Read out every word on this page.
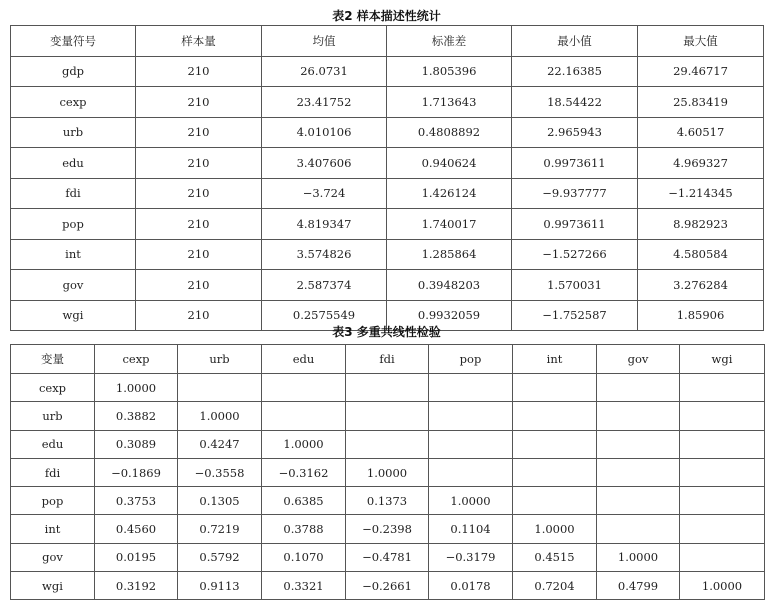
表2 样本描述性统计
变量符号	样本量	均值	标准差	最小值	最大值
gdp	210	26.0731	1.805396	22.16385	29.46717
cexp	210	23.41752	1.713643	18.54422	25.83419
urb	210	4.010106	0.4808892	2.965943	4.60517
edu	210	3.407606	0.940624	0.9973611	4.969327
fdi	210	−3.724	1.426124	−9.937777	−1.214345
pop	210	4.819347	1.740017	0.9973611	8.982923
int	210	3.574826	1.285864	−1.527266	4.580584
gov	210	2.587374	0.3948203	1.570031	3.276284
wgi	210	0.2575549	0.9932059	−1.752587	1.85906
表3 多重共线性检验
变量	cexp	urb	edu	fdi	pop	int	gov	wgi
cexp	1.0000							
urb	0.3882	1.0000						
edu	0.3089	0.4247	1.0000					
fdi	−0.1869	−0.3558	−0.3162	1.0000				
pop	0.3753	0.1305	0.6385	0.1373	1.0000			
int	0.4560	0.7219	0.3788	−0.2398	0.1104	1.0000		
gov	0.0195	0.5792	0.1070	−0.4781	−0.3179	0.4515	1.0000	
wgi	0.3192	0.9113	0.3321	−0.2661	0.0178	0.7204	0.4799	1.0000
